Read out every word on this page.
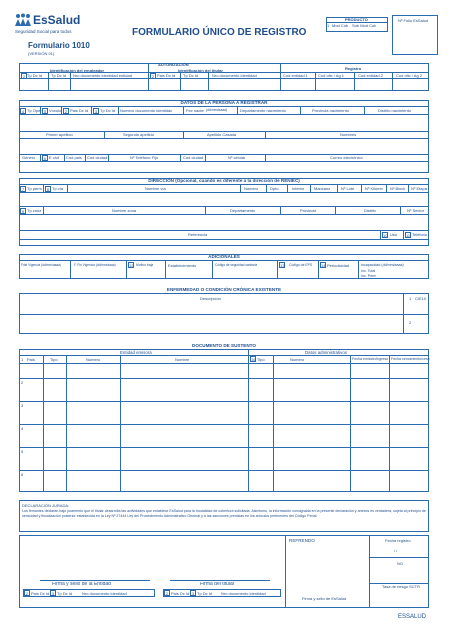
EsSalud
Seguridad Social para todos
Formulario 1010
(VERSIÓN 01)
FORMULARIO ÚNICO DE REGISTRO
PRODUCTO
1 Mod Cob Sub Mod Cob
Nº Folio EsSalud
AUTORIZACIÓN
Identificación del empleador	Identificación del titular	Registro
2 Tp Dc Id Tp Dc Id Nro documento identidad entidad	2 Pais Dc Id Tp Dc Id	Nro documento identidad	Cod entidad 1	Cod ofic / Ag 1	Cod entidad 2	Cod ofic / Ag 2
DATOS DE LA PERSONA A REGISTRAR
4 Tp Oper 5 Vnculo 2 Pais Dc Id	3 Tp Dc Id Numero documento identidad	Fec nacim (dd/mm/aaaa)	Departamento nacimiento	Provincia nacimiento	Distrito nacimiento
Primer apellido	Segundo apellido	Apellido Casada	Nombres
Género	6 E civil Cod pais Cód ciudad	Nº Teléfono Fijo	Cód ciudad	Nº celular	Correo electrónico
DIRECCIÓN (Opcional, cuando es diferente a la dirección de RENIEC)
7 Tp perm	8 Tp vía	Nombre vía	Número	Dpto.	Interior Manzana	Nº Lote	Nº Kilómtr Nº Block Nº Etapa
9 Tp zona	Nombre zona	Departamento	Provincia	Distrito	Nº Sector
Referencia	10 Uso 11 Teléfono
ADICIONALES
Fdel Vigencia (dd/mm/aaaa)	F. Fin Vigencia (dd/mm/aaaa)	12 Motivo baja	Establecimiento	Código de seguridad sanitaria	13 Código de EPS 14 Periodicidad	Incapacidad (dd/mm/aaaa)
Inc. Total
Inc. Perm
ENFERMEDAD O CONDICIÓN CRÓNICA EXISTENTE
Descripción	1 CIE10
2
DOCUMENTO DE SUSTENTO
Entidad emisora	Datos administrativos
1 Pais	Tipo	Numero	Nombre	16 Tipo	Numero	Fecha emisión/ingreso Fecha vencimiento/cese
2
3
4
5
6
DECLARACIÓN JURADA:
Los firmantes declaran bajo juramento que el titular desarrolla las actividades que establece EsSalud para la modalidad de cobertura solicitada. Asimismo, la información consignada en la presente declaración y anexos es verdadera, sujeta al principio de veracidad y fiscalización posterior establecida en la Ley Nº 27444 Ley del Procedimiento Administrativo General y a las sanciones previstas en los artículos pertinentes del Código Penal.
REFRENDO	Fecha registro
/ /
NO
Tasa de riesgo SCTR
Firma y sello de la Entidad	Firma del titular
Firma y sello de EsSalud
2 Pais Dc Id 3 Tp Dc Id Nro documento identidad	2 Pais Dc Id 3 Tp Dc Id Nro documento identidad
ESSALUD
